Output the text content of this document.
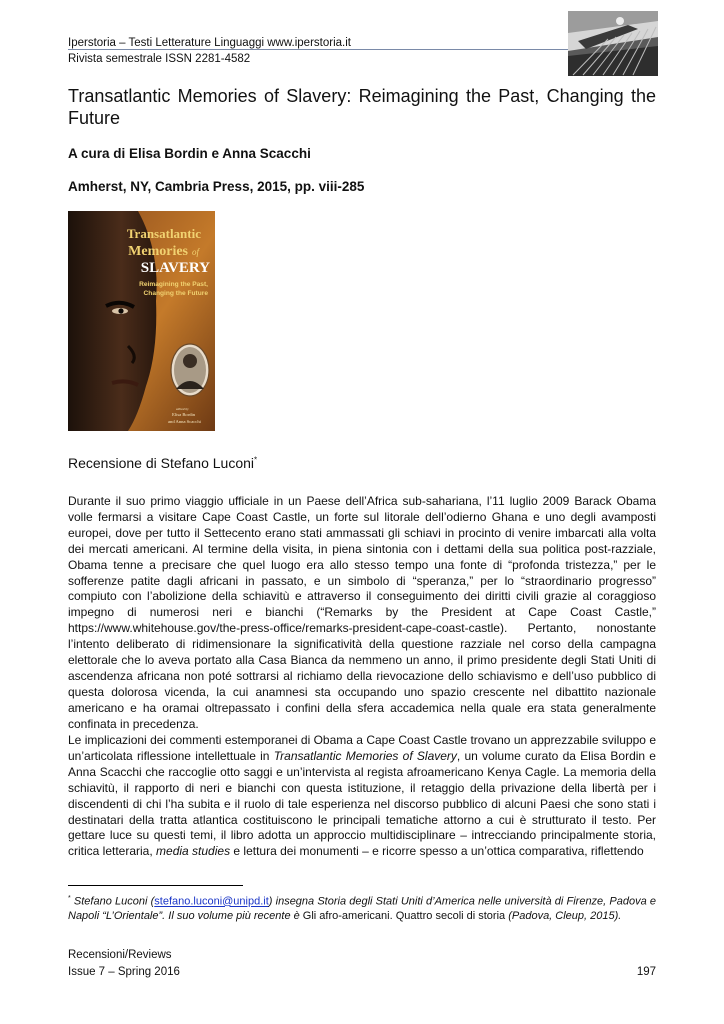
Iperstoria – Testi Letterature Linguaggi www.iperstoria.it
Rivista semestrale ISSN 2281-4582
Transatlantic Memories of Slavery: Reimagining the Past, Changing the Future
A cura di Elisa Bordin e Anna Scacchi
Amherst, NY, Cambria Press, 2015, pp. viii-285
Transatlantic
Memories of
SLAVERY
Reimagining the Past,
Changing the Future
edited by
Elisa Bordin
and Anna Scacchi
Recensione di Stefano Luconi*

Durante il suo primo viaggio ufficiale in un Paese dell’Africa sub-sahariana, l’11 luglio 2009 Barack Obama volle fermarsi a visitare Cape Coast Castle, un forte sul litorale dell’odierno Ghana e uno degli avamposti europei, dove per tutto il Settecento erano stati ammassati gli schiavi in procinto di venire imbarcati alla volta dei mercati americani. Al termine della visita, in piena sintonia con i dettami della sua politica post-razziale, Obama tenne a precisare che quel luogo era allo stesso tempo una fonte di “profonda tristezza,” per le sofferenze patite dagli africani in passato, e un simbolo di “speranza,” per lo “straordinario progresso” compiuto con l’abolizione della schiavitù e attraverso il conseguimento dei diritti civili grazie al coraggioso impegno di numerosi neri e bianchi (“Remarks by the President at Cape Coast Castle,” https://www.whitehouse.gov/the-press-office/remarks-president-cape-coast-castle). Pertanto, nonostante l’intento deliberato di ridimensionare la significatività della questione razziale nel corso della campagna elettorale che lo aveva portato alla Casa Bianca da nemmeno un anno, il primo presidente degli Stati Uniti di ascendenza africana non poté sottrarsi al richiamo della rievocazione dello schiavismo e dell’uso pubblico di questa dolorosa vicenda, la cui anamnesi sta occupando uno spazio crescente nel dibattito nazionale americano e ha oramai oltrepassato i confini della sfera accademica nella quale era stata generalmente confinata in precedenza.

Le implicazioni dei commenti estemporanei di Obama a Cape Coast Castle trovano un apprezzabile sviluppo e un’articolata riflessione intellettuale in Transatlantic Memories of Slavery, un volume curato da Elisa Bordin e Anna Scacchi che raccoglie otto saggi e un’intervista al regista afroamericano Kenya Cagle. La memoria della schiavitù, il rapporto di neri e bianchi con questa istituzione, il retaggio della privazione della libertà per i discendenti di chi l’ha subita e il ruolo di tale esperienza nel discorso pubblico di alcuni Paesi che sono stati i destinatari della tratta atlantica costituiscono le principali tematiche attorno a cui è strutturato il testo. Per gettare luce su questi temi, il libro adotta un approccio multidisciplinare – intrecciando principalmente storia, critica letteraria, media studies e lettura dei monumenti – e ricorre spesso a un’ottica comparativa, riflettendo

* Stefano Luconi (stefano.luconi@unipd.it) insegna Storia degli Stati Uniti d’America nelle università di Firenze, Padova e Napoli “L’Orientale”. Il suo volume più recente è Gli afro-americani. Quattro secoli di storia (Padova, Cleup, 2015).
Recensioni/Reviews
Issue 7 – Spring 2016	197
